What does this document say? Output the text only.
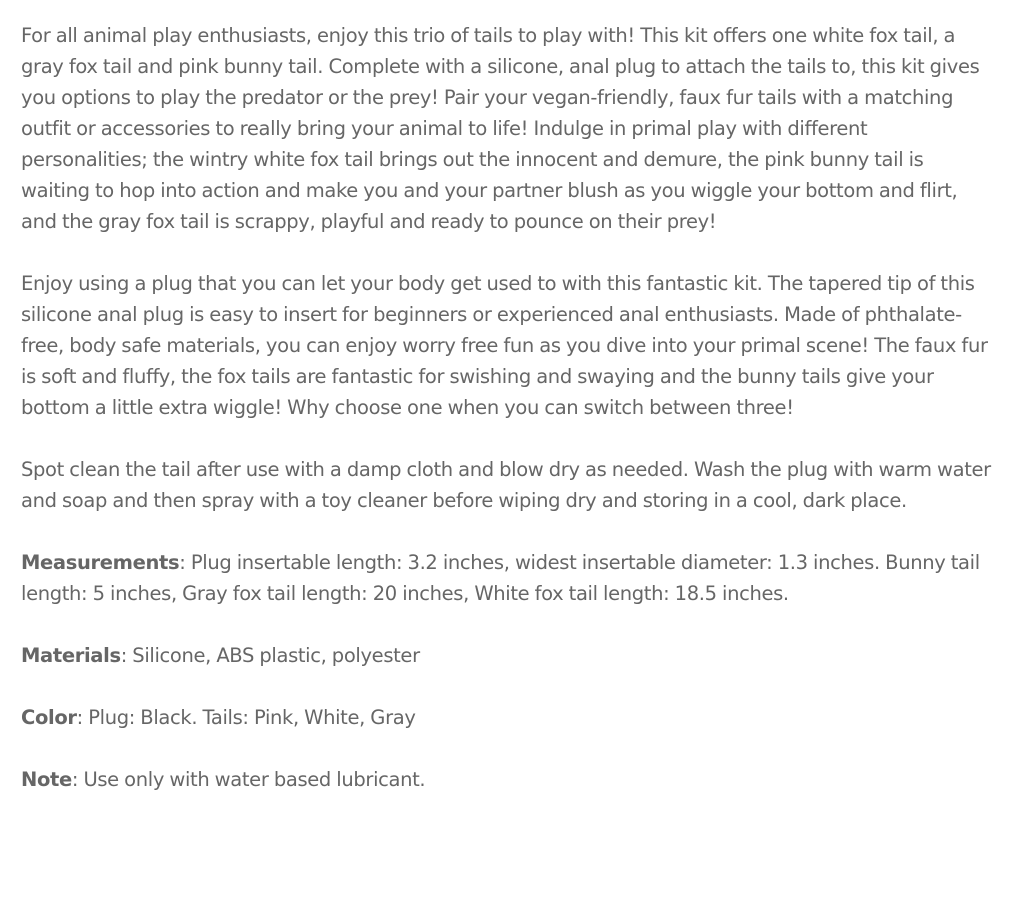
For all animal play enthusiasts, enjoy this trio of tails to play with! This kit offers one white fox tail, a gray fox tail and pink bunny tail. Complete with a silicone, anal plug to attach the tails to, this kit gives you options to play the predator or the prey! Pair your vegan-friendly, faux fur tails with a matching outfit or accessories to really bring your animal to life! Indulge in primal play with different personalities; the wintry white fox tail brings out the innocent and demure, the pink bunny tail is waiting to hop into action and make you and your partner blush as you wiggle your bottom and flirt, and the gray fox tail is scrappy, playful and ready to pounce on their prey!

Enjoy using a plug that you can let your body get used to with this fantastic kit. The tapered tip of this silicone anal plug is easy to insert for beginners or experienced anal enthusiasts. Made of phthalate-free, body safe materials, you can enjoy worry free fun as you dive into your primal scene! The faux fur is soft and fluffy, the fox tails are fantastic for swishing and swaying and the bunny tails give your bottom a little extra wiggle! Why choose one when you can switch between three!

Spot clean the tail after use with a damp cloth and blow dry as needed. Wash the plug with warm water and soap and then spray with a toy cleaner before wiping dry and storing in a cool, dark place.

Measurements: Plug insertable length: 3.2 inches, widest insertable diameter: 1.3 inches. Bunny tail length: 5 inches, Gray fox tail length: 20 inches, White fox tail length: 18.5 inches.

Materials: Silicone, ABS plastic, polyester

Color: Plug: Black. Tails: Pink, White, Gray

Note: Use only with water based lubricant.
